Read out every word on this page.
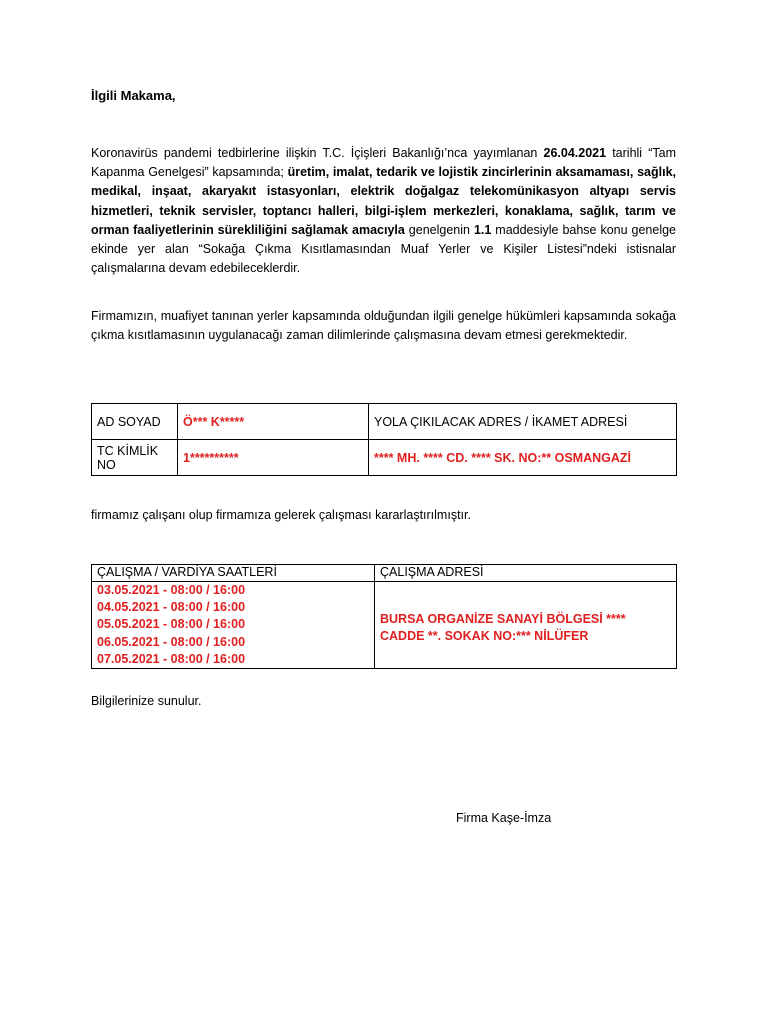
İlgili Makama,
Koronavirüs pandemi tedbirlerine ilişkin T.C. İçişleri Bakanlığı’nca yayımlanan 26.04.2021 tarihli “Tam Kapanma Genelgesi” kapsamında; üretim, imalat, tedarik ve lojistik zincirlerinin aksamaması, sağlık, medikal, inşaat, akaryakıt istasyonları, elektrik doğalgaz telekomünikasyon altyapı servis hizmetleri, teknik servisler, toptancı halleri, bilgi-işlem merkezleri, konaklama, sağlık, tarım ve orman faaliyetlerinin sürekliliğini sağlamak amacıyla genelgenin 1.1 maddesiyle bahse konu genelge ekinde yer alan “Sokağa Çıkma Kısıtlamasından Muaf Yerler ve Kişiler Listesi”ndeki istisnalar çalışmalarına devam edebileceklerdir.
Firmamızın, muafiyet tanınan yerler kapsamında olduğundan ilgili genelge hükümleri kapsamında sokağa çıkma kısıtlamasının uygulanacağı zaman dilimlerinde çalışmasına devam etmesi gerekmektedir.
AD SOYAD	Ö*** K*****	YOLA ÇIKILACAK ADRES / İKAMET ADRESİ
TC KİMLİK NO	1**********	**** MH. **** CD. **** SK. NO:** OSMANGAZİ
firmamız çalışanı olup firmamıza gelerek çalışması kararlaştırılmıştır.
ÇALIŞMA / VARDİYA SAATLERİ	ÇALIŞMA ADRESİ

03.05.2021 - 08:00 / 16:00
04.05.2021 - 08:00 / 16:00
05.05.2021 - 08:00 / 16:00
06.05.2021 - 08:00 / 16:00
07.05.2021 - 08:00 / 16:00	BURSA ORGANİZE SANAYİ BÖLGESİ **** CADDE **. SOKAK NO:*** NİLÜFER
Bilgilerinize sunulur.
Firma Kaşe-İmza
